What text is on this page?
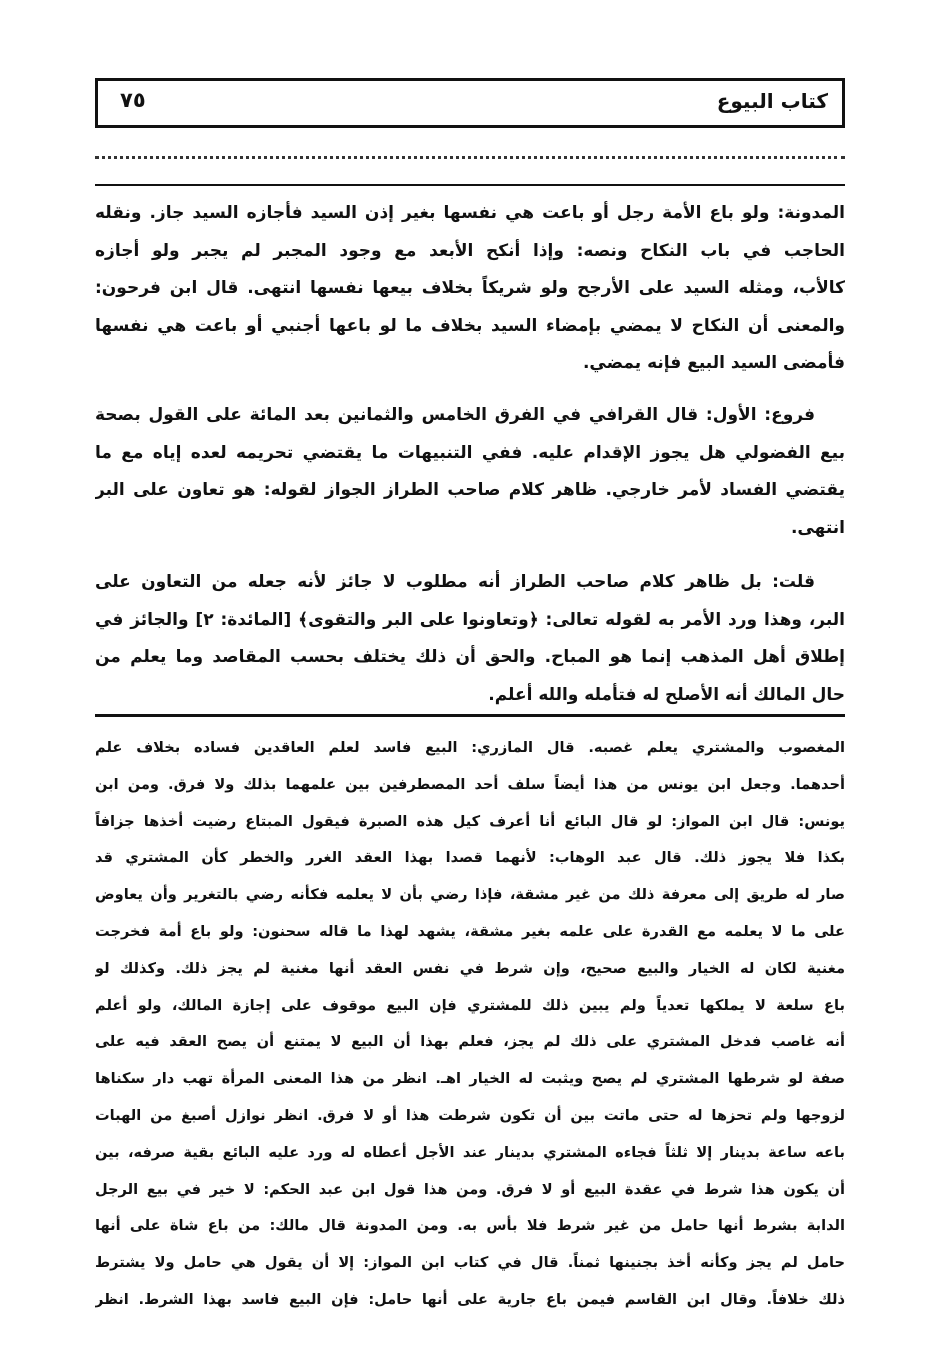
كتاب البيوع
٧٥
المدونة: ولو باع الأمة رجل أو باعت هي نفسها بغير إذن السيد فأجازه السيد جاز. ونقله
الحاجب في باب النكاح ونصه: وإذا أنكح الأبعد مع وجود المجبر لم يجبر ولو أجازه
كالأب، ومثله السيد على الأرجح ولو شريكاً بخلاف بيعها نفسها انتهى. قال ابن فرحون:
والمعنى أن النكاح لا يمضي بإمضاء السيد بخلاف ما لو باعها أجنبي أو باعت هي نفسها
فأمضى السيد البيع فإنه يمضي.
فروع: الأول: قال القرافي في الفرق الخامس والثمانين بعد المائة على القول بصحة
بيع الفضولي هل يجوز الإقدام عليه. ففي التنبيهات ما يقتضي تحريمه لعده إياه مع ما
يقتضي الفساد لأمر خارجي. ظاهر كلام صاحب الطراز الجواز لقوله: هو تعاون على البر
انتهى.
قلت: بل ظاهر كلام صاحب الطراز أنه مطلوب لا جائز لأنه جعله من التعاون على
البر، وهذا ورد الأمر به لقوله تعالى: ﴿وتعاونوا على البر والتقوى﴾ [المائدة: ٢] والجائز في
إطلاق أهل المذهب إنما هو المباح. والحق أن ذلك يختلف بحسب المقاصد وما يعلم من
حال المالك أنه الأصلح له فتأمله والله أعلم.
المغصوب والمشتري يعلم غصبه. قال المازري: البيع فاسد لعلم العاقدين فساده بخلاف علم
أحدهما. وجعل ابن يونس من هذا أيضاً سلف أحد المصطرفين بين علمهما بذلك ولا فرق. ومن ابن
يونس: قال ابن المواز: لو قال البائع أنا أعرف كيل هذه الصبرة فيقول المبتاع رضيت أخذها جزافاً
بكذا فلا يجوز ذلك. قال عبد الوهاب: لأنهما قصدا بهذا العقد الغرر والخطر كأن المشتري قد
صار له طريق إلى معرفة ذلك من غير مشقة، فإذا رضي بأن لا يعلمه فكأنه رضي بالتغرير وأن يعاوض
على ما لا يعلمه مع القدرة على علمه بغير مشقة، يشهد لهذا ما قاله سحنون: ولو باع أمة فخرجت
مغنية لكان له الخيار والبيع صحيح، وإن شرط في نفس العقد أنها مغنية لم يجز ذلك. وكذلك لو
باع سلعة لا يملكها تعدياً ولم يبين ذلك للمشتري فإن البيع موقوف على إجازة المالك، ولو أعلم
أنه غاصب فدخل المشتري على ذلك لم يجز، فعلم بهذا أن البيع لا يمتنع أن يصح العقد فيه على
صفة لو شرطها المشتري لم يصح ويثبت له الخيار اهـ. انظر من هذا المعنى المرأة تهب دار سكناها
لزوجها ولم تحزها له حتى ماتت بين أن تكون شرطت هذا أو لا فرق. انظر نوازل أصبغ من الهبات
باعه ساعة بدينار إلا ثلثاً فجاءه المشتري بدينار عند الأجل أعطاه له ورد عليه البائع بقية صرفه، بين
أن يكون هذا شرط في عقدة البيع أو لا فرق. ومن هذا قول ابن عبد الحكم: لا خير في بيع الرجل
الدابة بشرط أنها حامل من غير شرط فلا بأس به. ومن المدونة قال مالك: من باع شاة على أنها
حامل لم يجز وكأنه أخذ بجنينها ثمناً. قال في كتاب ابن المواز: إلا أن يقول هي حامل ولا يشترط
ذلك خلافاً. وقال ابن القاسم فيمن باع جارية على أنها حامل: فإن البيع فاسد بهذا الشرط. انظر
